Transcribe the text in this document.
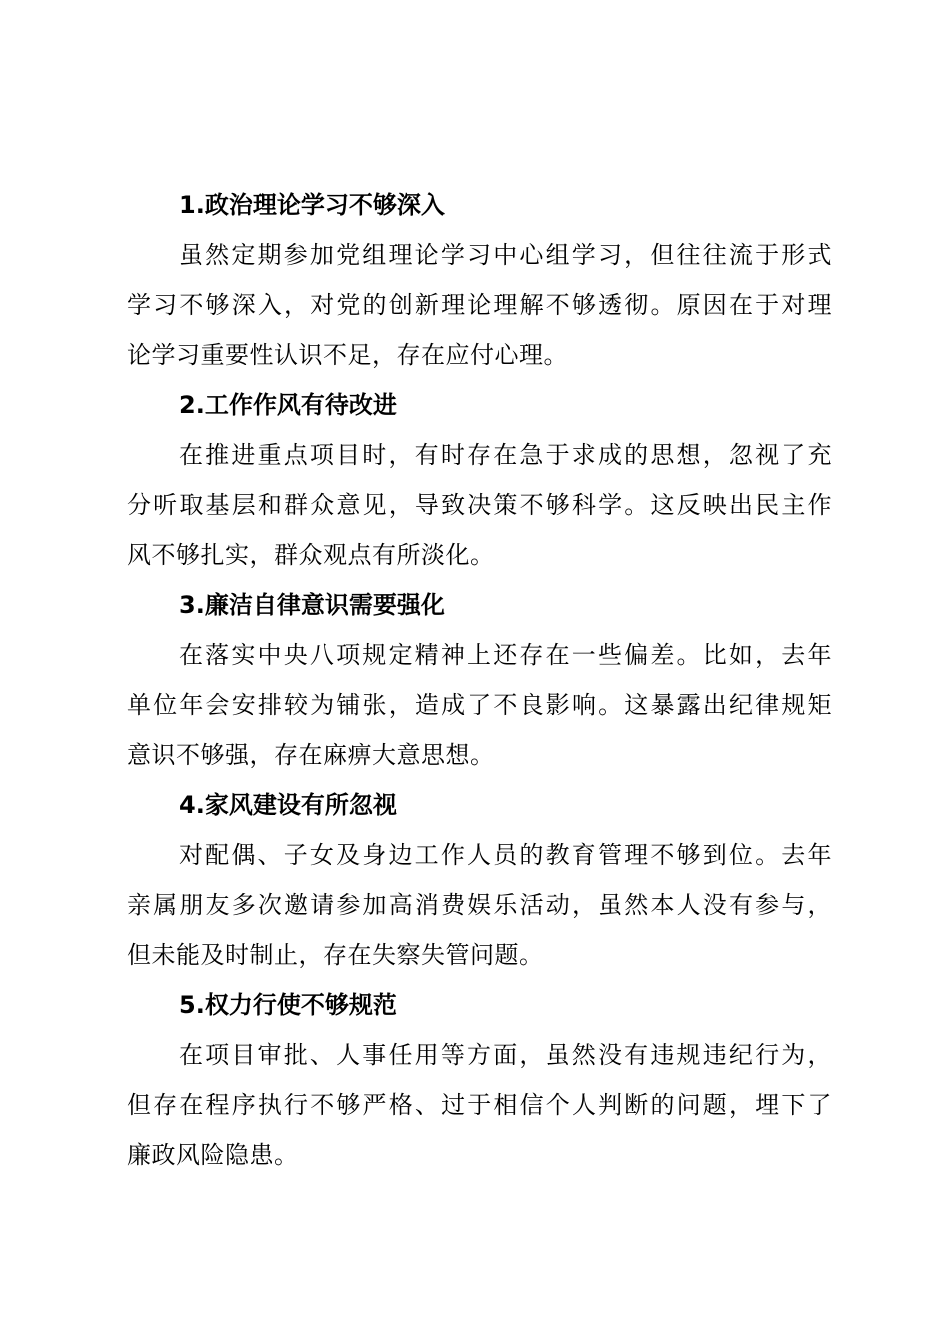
1.政治理论学习不够深入

虽然定期参加党组理论学习中心组学习，但往往流于形式
学习不够深入，对党的创新理论理解不够透彻。原因在于对理
论学习重要性认识不足，存在应付心理。

2.工作作风有待改进

在推进重点项目时，有时存在急于求成的思想，忽视了充
分听取基层和群众意见，导致决策不够科学。这反映出民主作
风不够扎实，群众观点有所淡化。

3.廉洁自律意识需要强化

在落实中央八项规定精神上还存在一些偏差。比如，去年
单位年会安排较为铺张，造成了不良影响。这暴露出纪律规矩
意识不够强，存在麻痹大意思想。

4.家风建设有所忽视

对配偶、子女及身边工作人员的教育管理不够到位。去年
亲属朋友多次邀请参加高消费娱乐活动，虽然本人没有参与，
但未能及时制止，存在失察失管问题。

5.权力行使不够规范

在项目审批、人事任用等方面，虽然没有违规违纪行为，
但存在程序执行不够严格、过于相信个人判断的问题，埋下了
廉政风险隐患。
